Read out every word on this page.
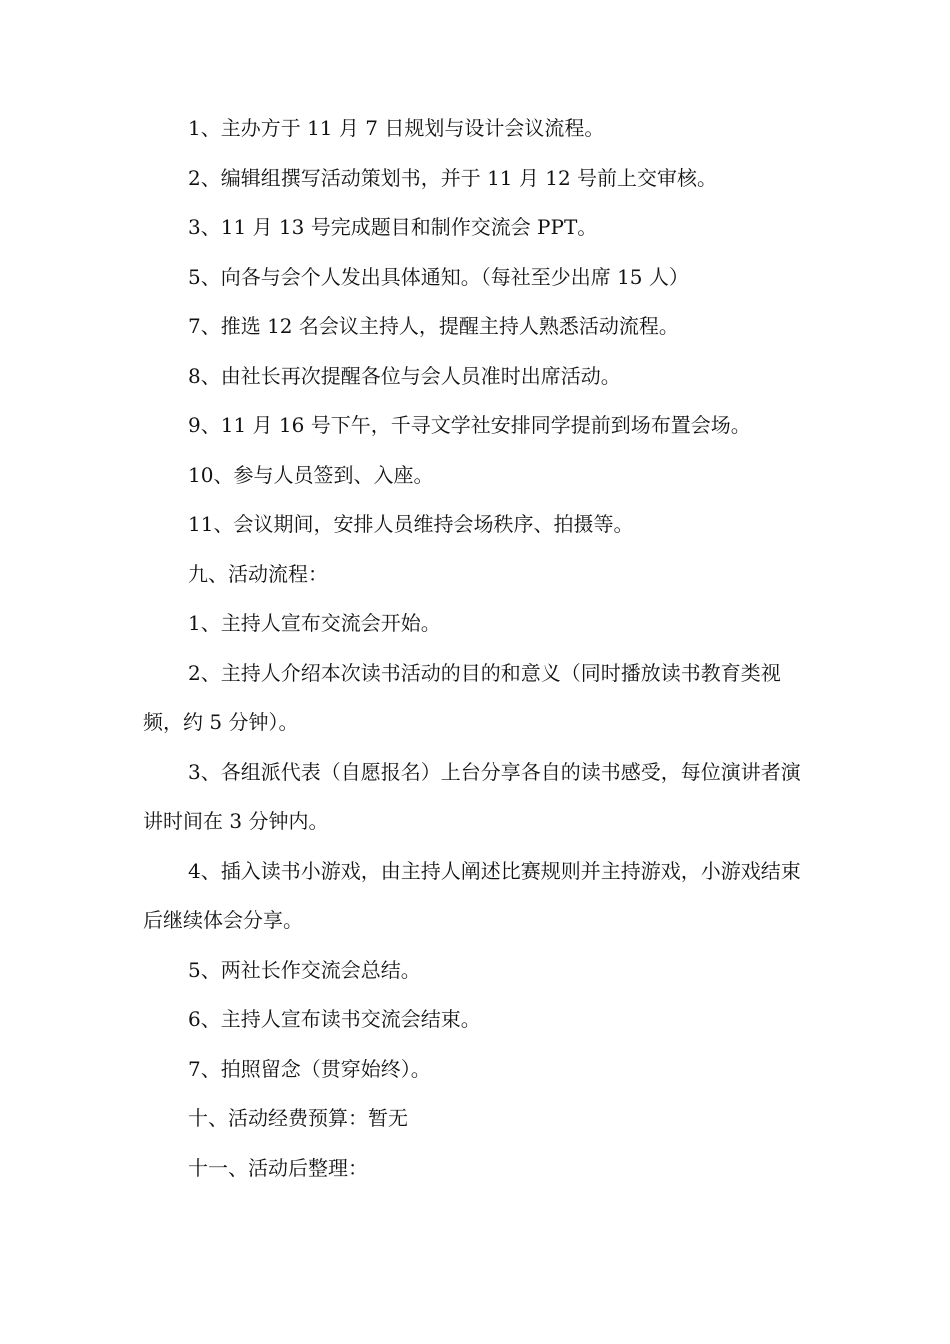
1、主办方于 11 月 7 日规划与设计会议流程。

2、编辑组撰写活动策划书，并于 11 月 12 号前上交审核。

3、11 月 13 号完成题目和制作交流会 PPT。

5、向各与会个人发出具体通知。（每社至少出席 15 人）

7、推选 12 名会议主持人，提醒主持人熟悉活动流程。

8、由社长再次提醒各位与会人员准时出席活动。

9、11 月 16 号下午，千寻文学社安排同学提前到场布置会场。

10、参与人员签到、入座。

11、会议期间，安排人员维持会场秩序、拍摄等。

九、活动流程：

1、主持人宣布交流会开始。

2、主持人介绍本次读书活动的目的和意义（同时播放读书教育类视频，约 5 分钟）。

3、各组派代表（自愿报名）上台分享各自的读书感受，每位演讲者演讲时间在 3 分钟内。

4、插入读书小游戏，由主持人阐述比赛规则并主持游戏，小游戏结束后继续体会分享。

5、两社长作交流会总结。

6、主持人宣布读书交流会结束。

7、拍照留念（贯穿始终）。

十、活动经费预算：暂无

十一、活动后整理：
